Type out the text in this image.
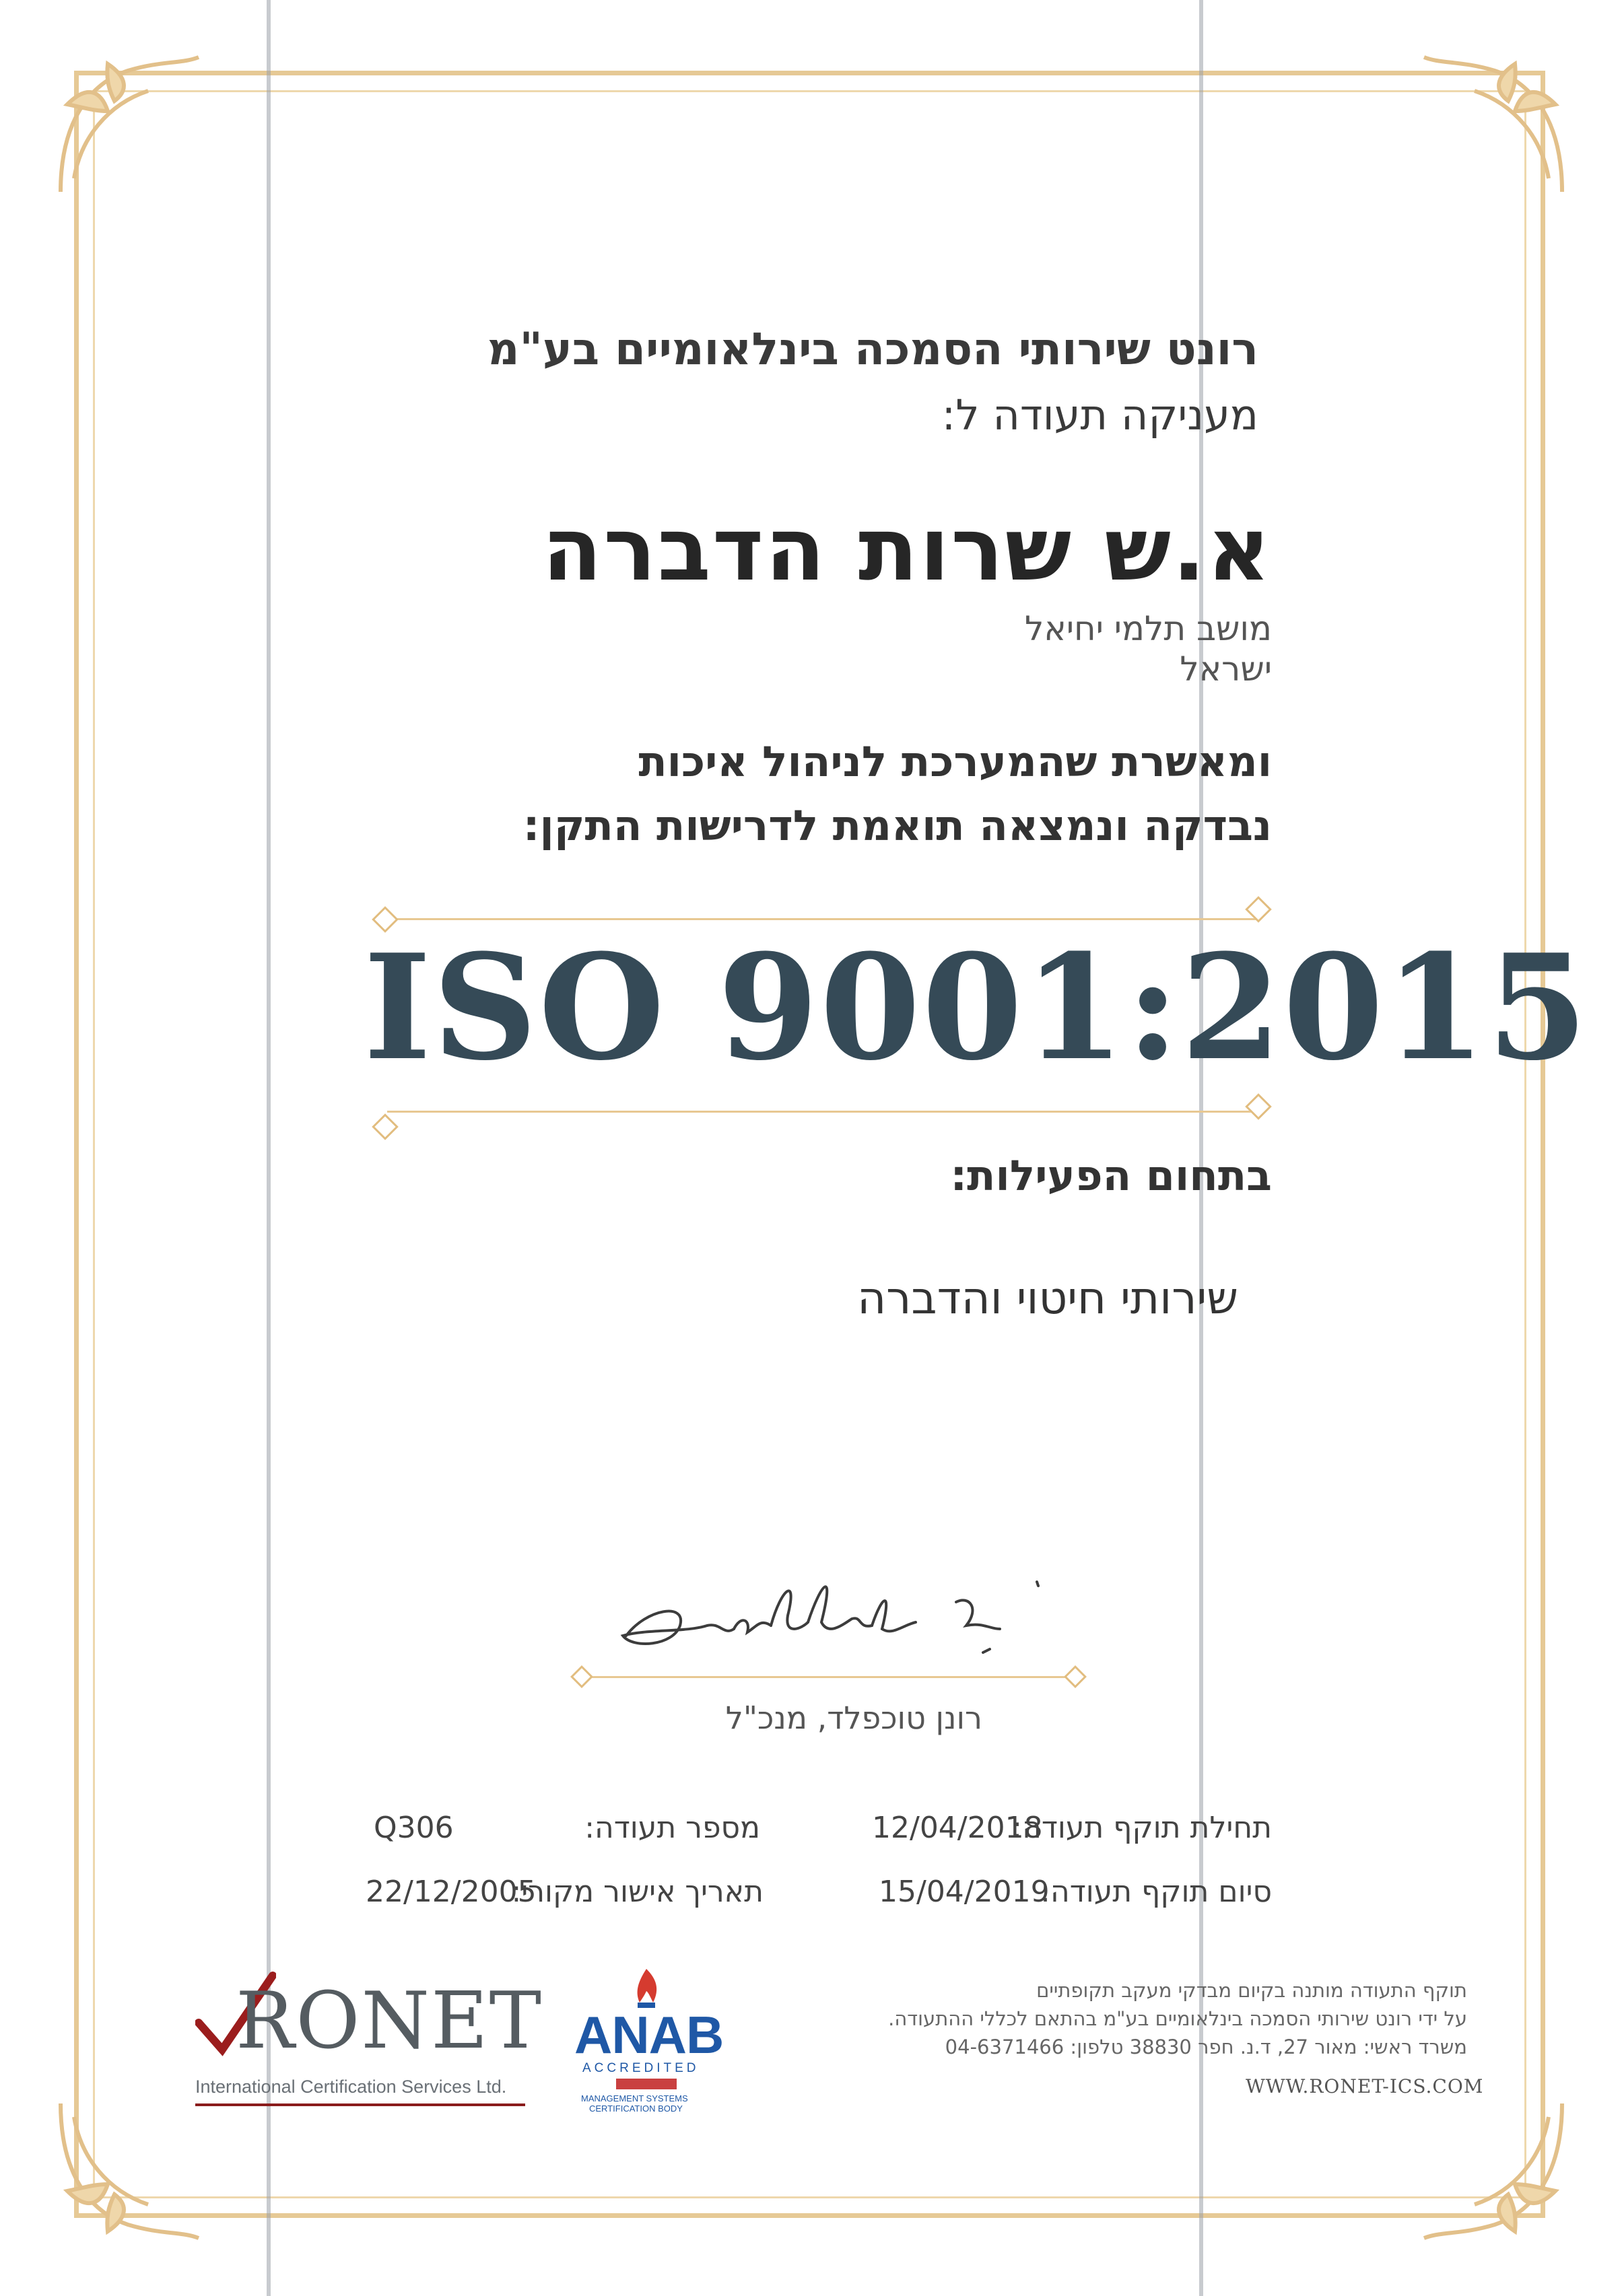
רונט שירותי הסמכה בינלאומיים בע"מ
מעניקה תעודה ל:
א.ש שרות הדברה
מושב תלמי יחיאל
ישראל
ומאשרת שהמערכת לניהול איכות
נבדקה ונמצאה תואמת לדרישות התקן:
ISO 9001:2015
בתחום הפעילות:
שירותי חיטוי והדברה
רונן טוכפלד, מנכ"ל
תחילת תוקף תעודה:
12/04/2018
סיום תוקף תעודה:
15/04/2019
מספר תעודה:
Q306
תאריך אישור מקורי:
22/12/2005
תוקף התעודה מותנה בקיום מבדקי מעקב תקופתיים
על ידי רונט שירותי הסמכה בינלאומיים בע"מ בהתאם לכללי ההתעודה.
משרד ראשי: מאור 27, ד.נ. חפר 38830 טלפון: 04-6371466
WWW.RONET-ICS.COM
RONET
International Certification Services Ltd.
ANAB
ACCREDITED
MANAGEMENT SYSTEMS
CERTIFICATION BODY
